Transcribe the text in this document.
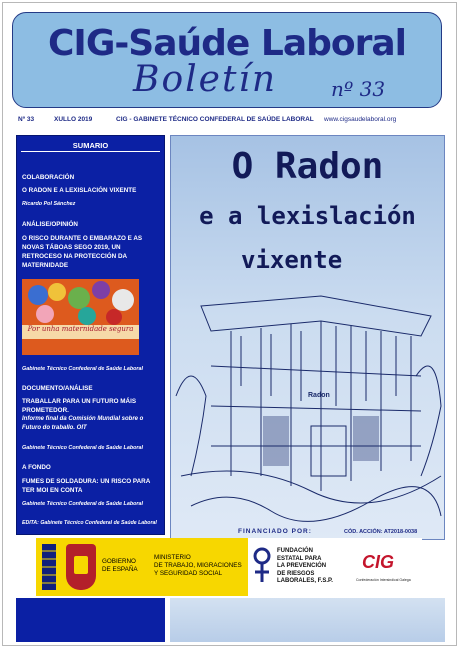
CIG-Saúde Laboral
Boletín	nº 33
Nº 33	XULLO 2019	CIG - GABINETE TÉCNICO CONFEDERAL DE SAÚDE LABORAL www.cigsaudelaboral.org
SUMARIO
COLABORACIÓN
O RADON E A LEXISLACIÓN VIXENTE
Ricardo Pol Sánchez
ANÁLISE/OPINIÓN
O RISCO DURANTE O EMBARAZO E AS NOVAS TÁBOAS SEGO 2019, UN RETROCESO NA PROTECCIÓN DA MATERNIDADE
Por unha maternidade segura
Gabinete Técnico Confederal de Saúde Laboral
DOCUMENTO/ANÁLISE
TRABALLAR PARA UN FUTURO MÁIS PROMETEDOR.
Informe final da Comisión Mundial sobre o Futuro do traballo. OIT
Gabinete Técnico Confederal de Saúde Laboral
A FONDO
FUMES DE SOLDADURA: UN RISCO PARA TER MOI EN CONTA
Gabinete Técnico Confederal de Saúde Laboral
EDITA: Gabinete Técnico Confederal de Saúde Laboral
O Radon
e a lexislación
vixente
Radon
FINANCIADO POR:	CÓD. ACCIÓN: AT2018-0038
GOBIERNO
DE ESPAÑA
MINISTERIO
DE TRABAJO, MIGRACIONES
Y SEGURIDAD SOCIAL
FUNDACIÓN
ESTATAL PARA
LA PREVENCIÓN
DE RIESGOS
LABORALES, F.S.P.
CIG
Confederación Intersindical Galega
